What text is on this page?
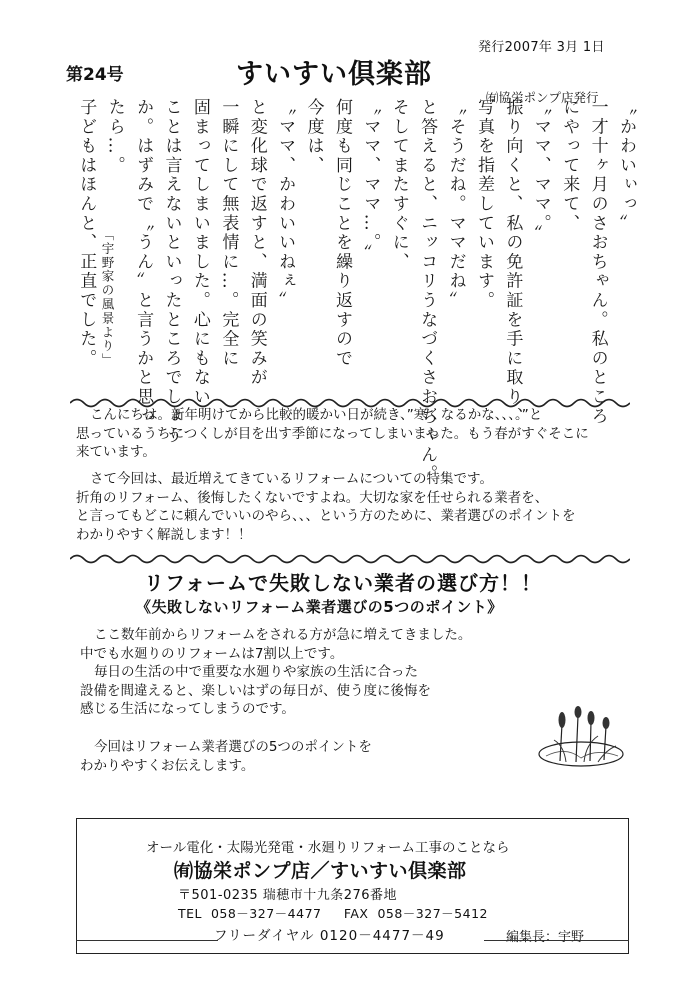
発行2007年 3月 1日
第24号	すいすい倶楽部
㈲協栄ポンプ店発行
〝かわいぃっ〟
一才十ヶ月のさおちゃん。私のところ
にやって来て、
〝ママ、ママ。〟
振り向くと、私の免許証を手に取り、
写真を指差しています。
〝そうだね。ママだね〟
と答えると、ニッコリうなづくさおちゃん。
そしてまたすぐに、
〝ママ、ママ…。〟
何度も同じことを繰り返すので
今度は、
〝ママ、かわいいねぇ〟
と変化球で返すと、満面の笑みが
一瞬にして無表情に…。完全に
固まってしまいました。心にもない
ことは言えないといったところでしょう
か。はずみで〝うん〟と言うかと思っ
たら…。
子どもはほんと、正直でした。 「宇野家の風景より」
こんにちは。新年明けてから比較的暖かい日が続き、”寒くなるかな、、、。”と
思っているうちにつくしが目を出す季節になってしまいました。もう春がすぐそこに
来ています。
さて今回は、最近増えてきているリフォームについての特集です。
折角のリフォーム、後悔したくないですよね。大切な家を任せられる業者を、
と言ってもどこに頼んでいいのやら、、、という方のために、業者選びのポイントを
わかりやすく解説します！！
リフォームで失敗しない業者の選び方！！
《失敗しないリフォーム業者選びの5つのポイント》
ここ数年前からリフォームをされる方が急に増えてきました。
中でも水廻りのリフォームは7割以上です。
毎日の生活の中で重要な水廻りや家族の生活に合った
設備を間違えると、楽しいはずの毎日が、使う度に後悔を
感じる生活になってしまうのです。
今回はリフォーム業者選びの5つのポイントを
わかりやすくお伝えします。
オール電化・太陽光発電・水廻りリフォーム工事のことなら
㈲協栄ポンプ店／すいすい倶楽部
〒501-0235 瑞穂市十九条276番地
TEL  058－327－4477     FAX  058－327－5412
フリーダイヤル 0120－4477－49	編集長：宇野
